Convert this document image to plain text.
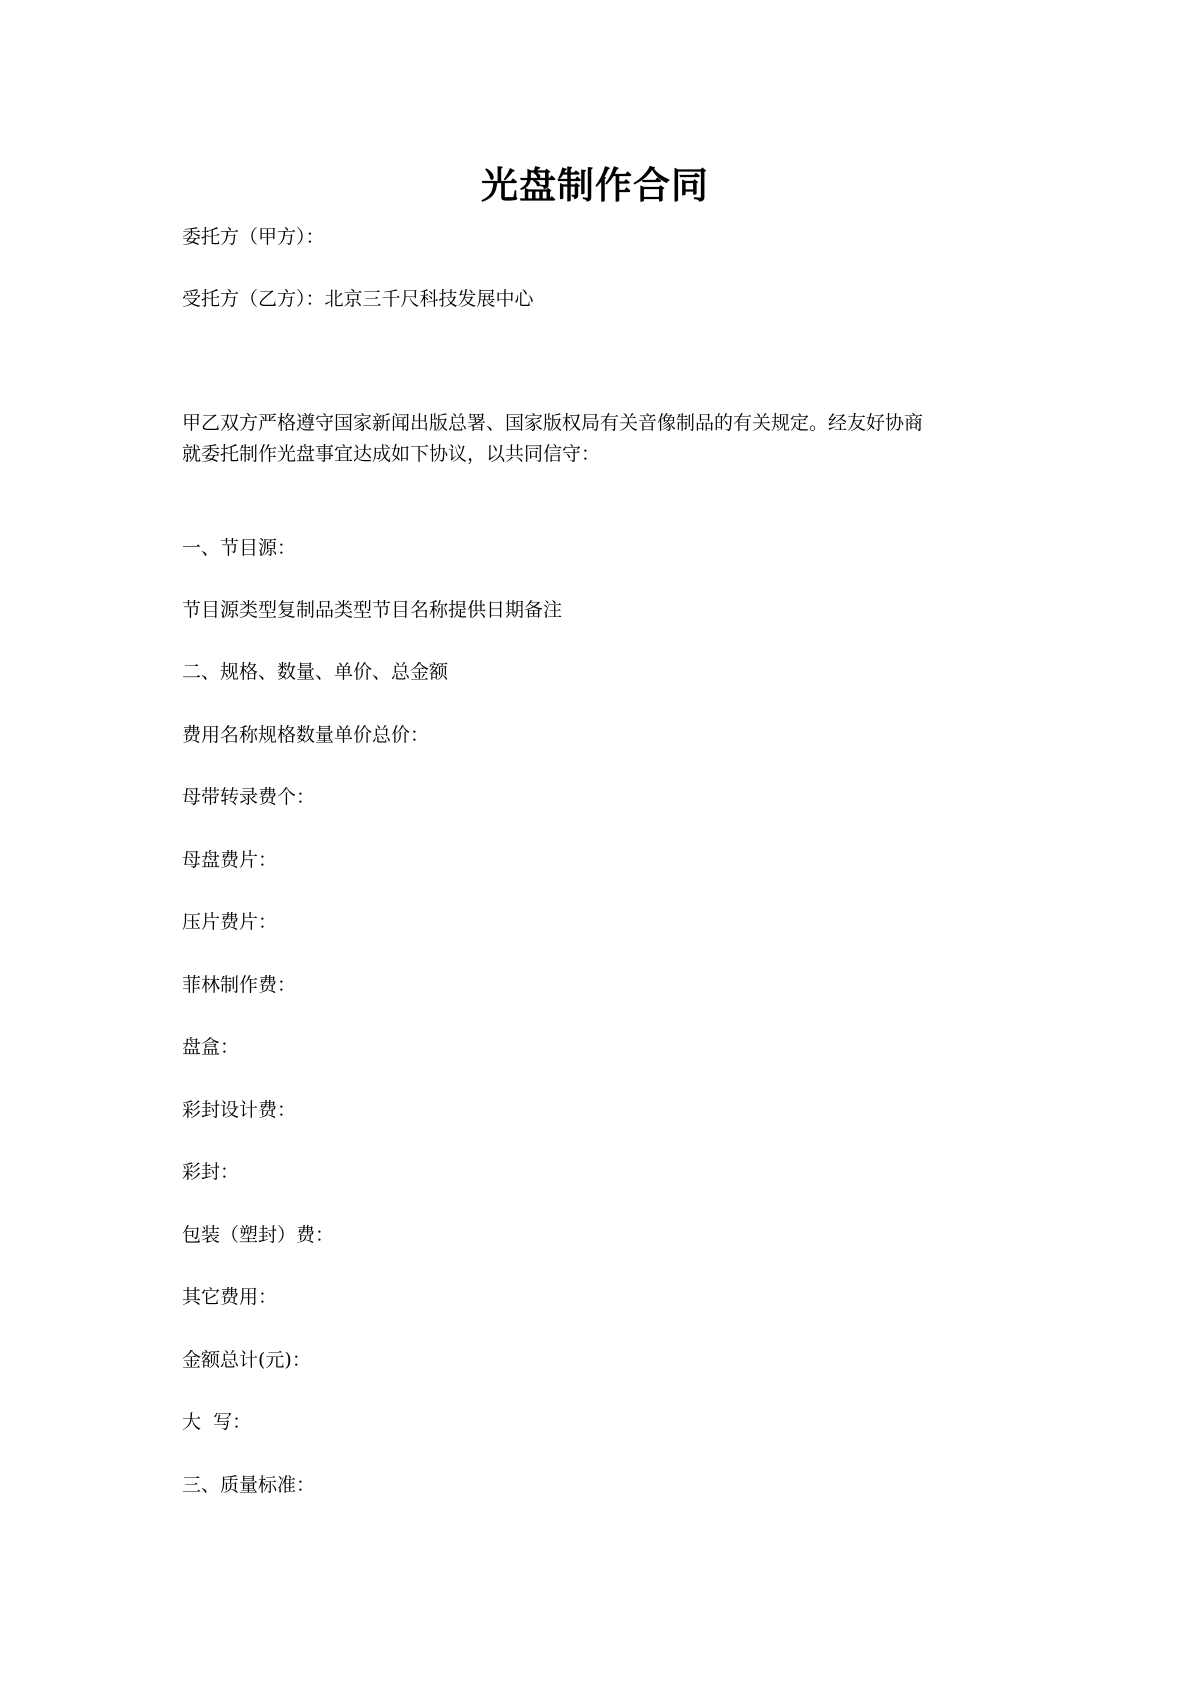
光盘制作合同
委托方（甲方）：
受托方（乙方）：北京三千尺科技发展中心
甲乙双方严格遵守国家新闻出版总署、国家版权局有关音像制品的有关规定。经友好协商
就委托制作光盘事宜达成如下协议，以共同信守：
一、节目源：
节目源类型复制品类型节目名称提供日期备注
二、规格、数量、单价、总金额
费用名称规格数量单价总价：
母带转录费个：
母盘费片：
压片费片：
菲林制作费：
盘盒：
彩封设计费：
彩封：
包装（塑封）费：
其它费用：
金额总计(元)：
大  写：
三、质量标准：
